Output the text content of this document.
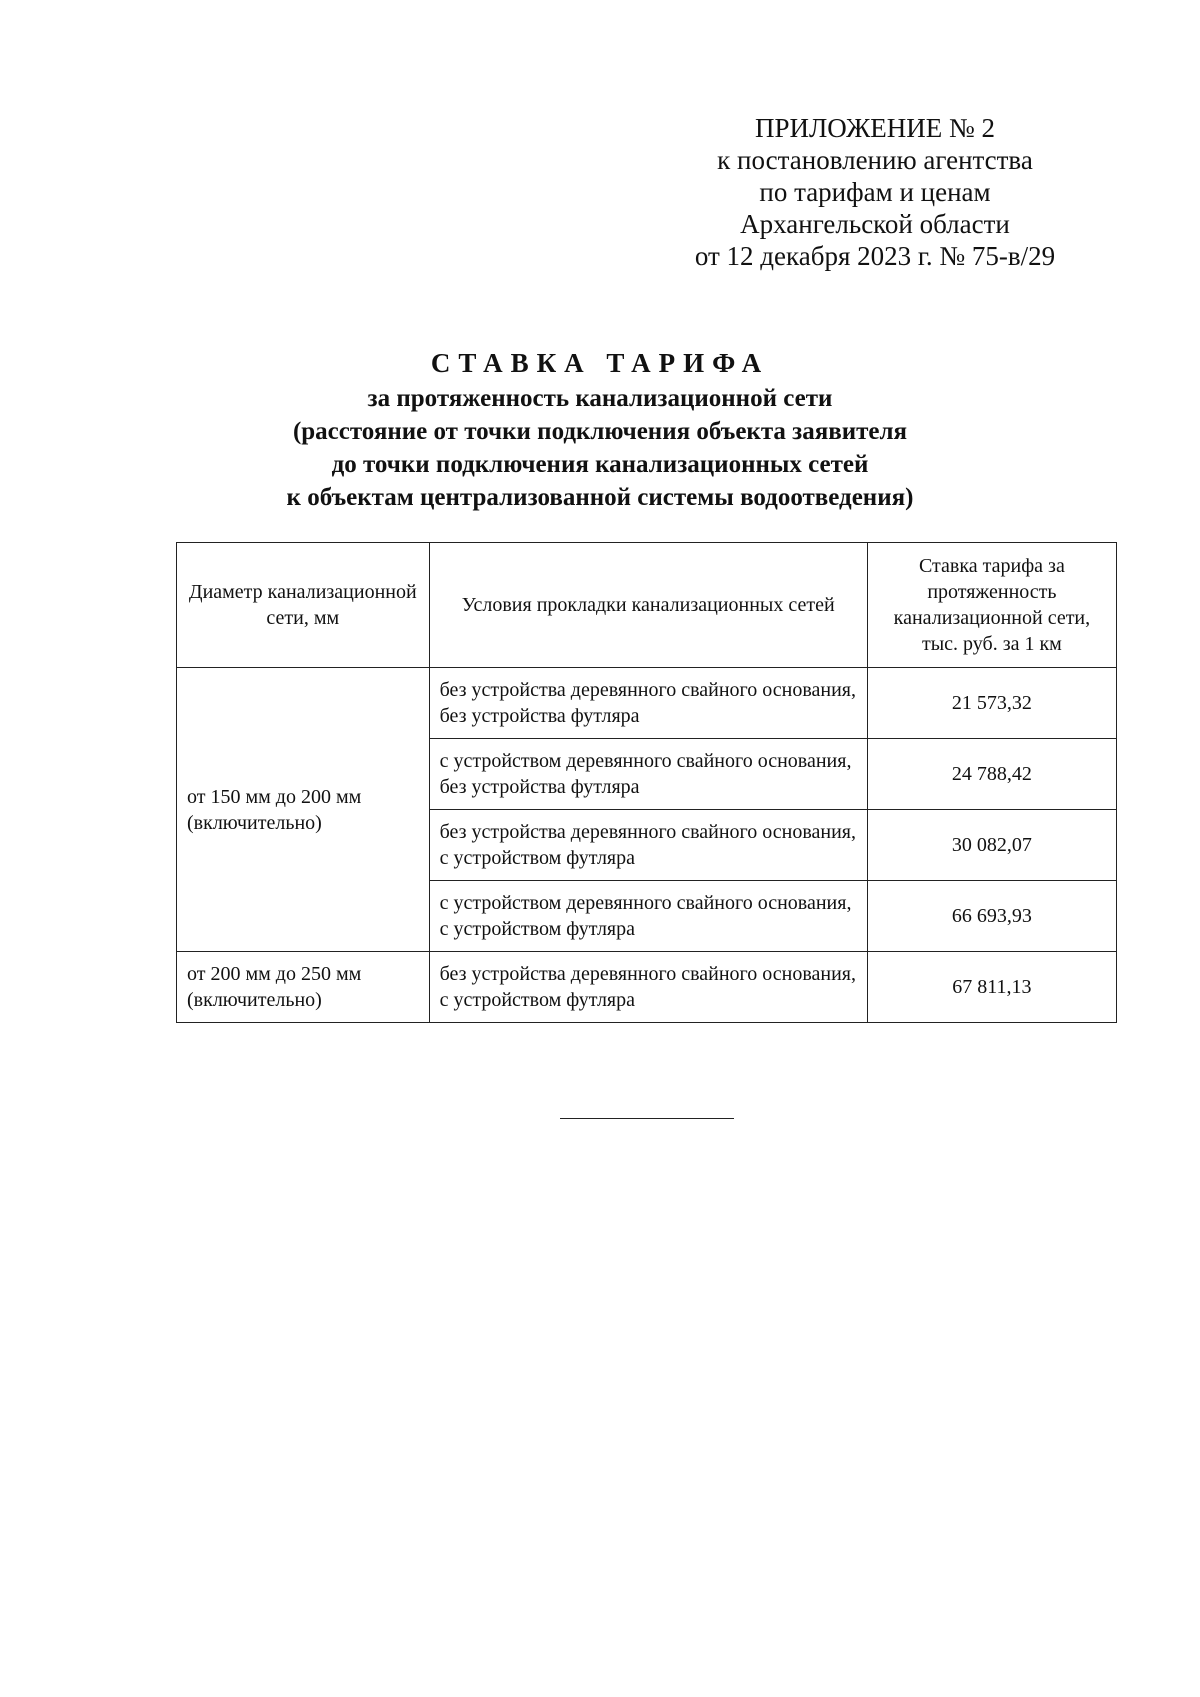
ПРИЛОЖЕНИЕ № 2
к постановлению агентства
по тарифам и ценам
Архангельской области
от 12 декабря 2023 г. № 75-в/29
СТАВКА ТАРИФА
за протяженность канализационной сети
(расстояние от точки подключения объекта заявителя
до точки подключения канализационных сетей
к объектам централизованной системы водоотведения)
Диаметр канализационной сети, мм	Условия прокладки канализационных сетей	Ставка тарифа за протяженность канализационной сети, тыс. руб. за 1 км
от 150 мм до 200 мм (включительно)	без устройства деревянного свайного основания, без устройства футляра	21 573,32
	с устройством деревянного свайного основания, без устройства футляра	24 788,42
	без устройства деревянного свайного основания, с устройством футляра	30 082,07
	с устройством деревянного свайного основания, с устройством футляра	66 693,93
от 200 мм до 250 мм (включительно)	без устройства деревянного свайного основания, с устройством футляра	67 811,13
